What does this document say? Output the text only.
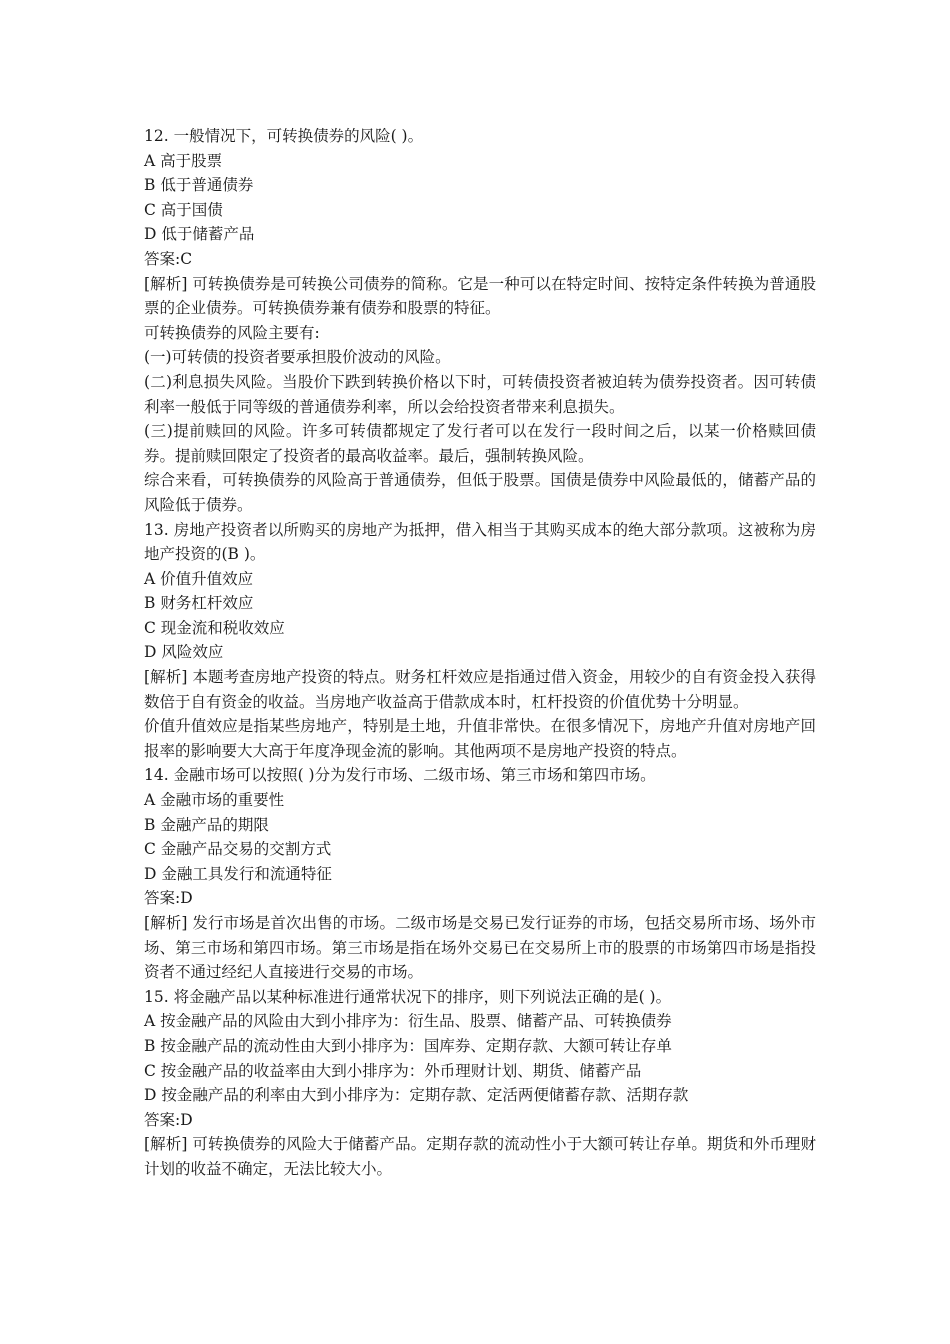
12. 一般情况下，可转换债券的风险( )。

A 高于股票

B 低于普通债券

C 高于国债

D 低于储蓄产品

答案:C

[解析] 可转换债券是可转换公司债券的简称。它是一种可以在特定时间、按特定条件转换为普通股票的企业债券。可转换债券兼有债券和股票的特征。

可转换债券的风险主要有:

(一)可转债的投资者要承担股价波动的风险。

(二)利息损失风险。当股价下跌到转换价格以下时，可转债投资者被迫转为债券投资者。因可转债利率一般低于同等级的普通债券利率，所以会给投资者带来利息损失。

(三)提前赎回的风险。许多可转债都规定了发行者可以在发行一段时间之后，以某一价格赎回债券。提前赎回限定了投资者的最高收益率。最后，强制转换风险。

综合来看，可转换债券的风险高于普通债券，但低于股票。国债是债券中风险最低的，储蓄产品的风险低于债券。

13. 房地产投资者以所购买的房地产为抵押，借入相当于其购买成本的绝大部分款项。这被称为房地产投资的(B )。

A 价值升值效应

B 财务杠杆效应

C 现金流和税收效应

D 风险效应

[解析] 本题考查房地产投资的特点。财务杠杆效应是指通过借入资金，用较少的自有资金投入获得数倍于自有资金的收益。当房地产收益高于借款成本时，杠杆投资的价值优势十分明显。

价值升值效应是指某些房地产，特别是土地，升值非常快。在很多情况下，房地产升值对房地产回报率的影响要大大高于年度净现金流的影响。其他两项不是房地产投资的特点。

14. 金融市场可以按照( )分为发行市场、二级市场、第三市场和第四市场。

A 金融市场的重要性

B 金融产品的期限

C 金融产品交易的交割方式

D 金融工具发行和流通特征

答案:D

[解析] 发行市场是首次出售的市场。二级市场是交易已发行证券的市场，包括交易所市场、场外市场、第三市场和第四市场。第三市场是指在场外交易已在交易所上市的股票的市场第四市场是指投资者不通过经纪人直接进行交易的市场。

15. 将金融产品以某种标准进行通常状况下的排序，则下列说法正确的是( )。

A 按金融产品的风险由大到小排序为：衍生品、股票、储蓄产品、可转换债券

B 按金融产品的流动性由大到小排序为：国库券、定期存款、大额可转让存单

C 按金融产品的收益率由大到小排序为：外币理财计划、期货、储蓄产品

D 按金融产品的利率由大到小排序为：定期存款、定活两便储蓄存款、活期存款

答案:D

[解析] 可转换债券的风险大于储蓄产品。定期存款的流动性小于大额可转让存单。期货和外币理财计划的收益不确定，无法比较大小。
